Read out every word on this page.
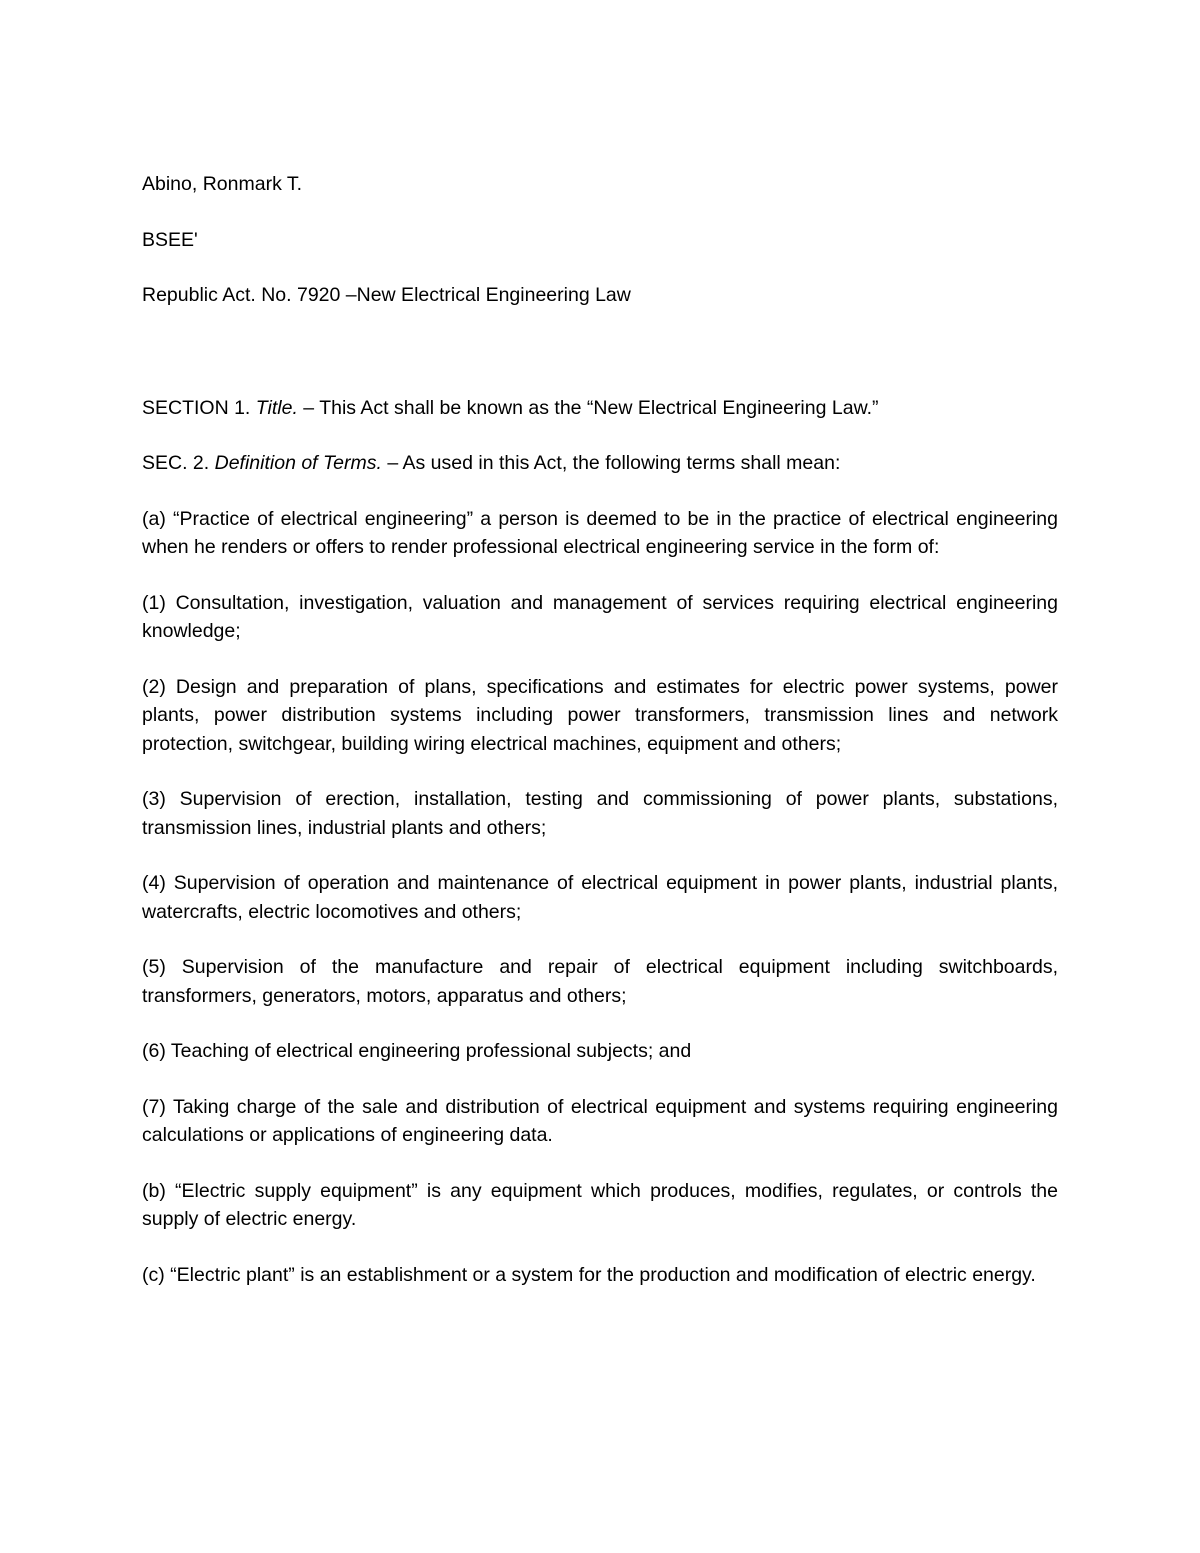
Abino, Ronmark T.

BSEE'

Republic Act. No. 7920 –New Electrical Engineering Law

SECTION 1. Title. – This Act shall be known as the “New Electrical Engineering Law.”

SEC. 2. Definition of Terms. – As used in this Act, the following terms shall mean:

(a) “Practice of electrical engineering” a person is deemed to be in the practice of electrical engineering when he renders or offers to render professional electrical engineering service in the form of:

(1) Consultation, investigation, valuation and management of services requiring electrical engineering knowledge;

(2) Design and preparation of plans, specifications and estimates for electric power systems, power plants, power distribution systems including power transformers, transmission lines and network protection, switchgear, building wiring electrical machines, equipment and others;

(3) Supervision of erection, installation, testing and commissioning of power plants, substations, transmission lines, industrial plants and others;

(4) Supervision of operation and maintenance of electrical equipment in power plants, industrial plants, watercrafts, electric locomotives and others;

(5) Supervision of the manufacture and repair of electrical equipment including switchboards, transformers, generators, motors, apparatus and others;

(6) Teaching of electrical engineering professional subjects; and

(7) Taking charge of the sale and distribution of electrical equipment and systems requiring engineering calculations or applications of engineering data.

(b) “Electric supply equipment” is any equipment which produces, modifies, regulates, or controls the supply of electric energy.

(c) “Electric plant” is an establishment or a system for the production and modification of electric energy.
